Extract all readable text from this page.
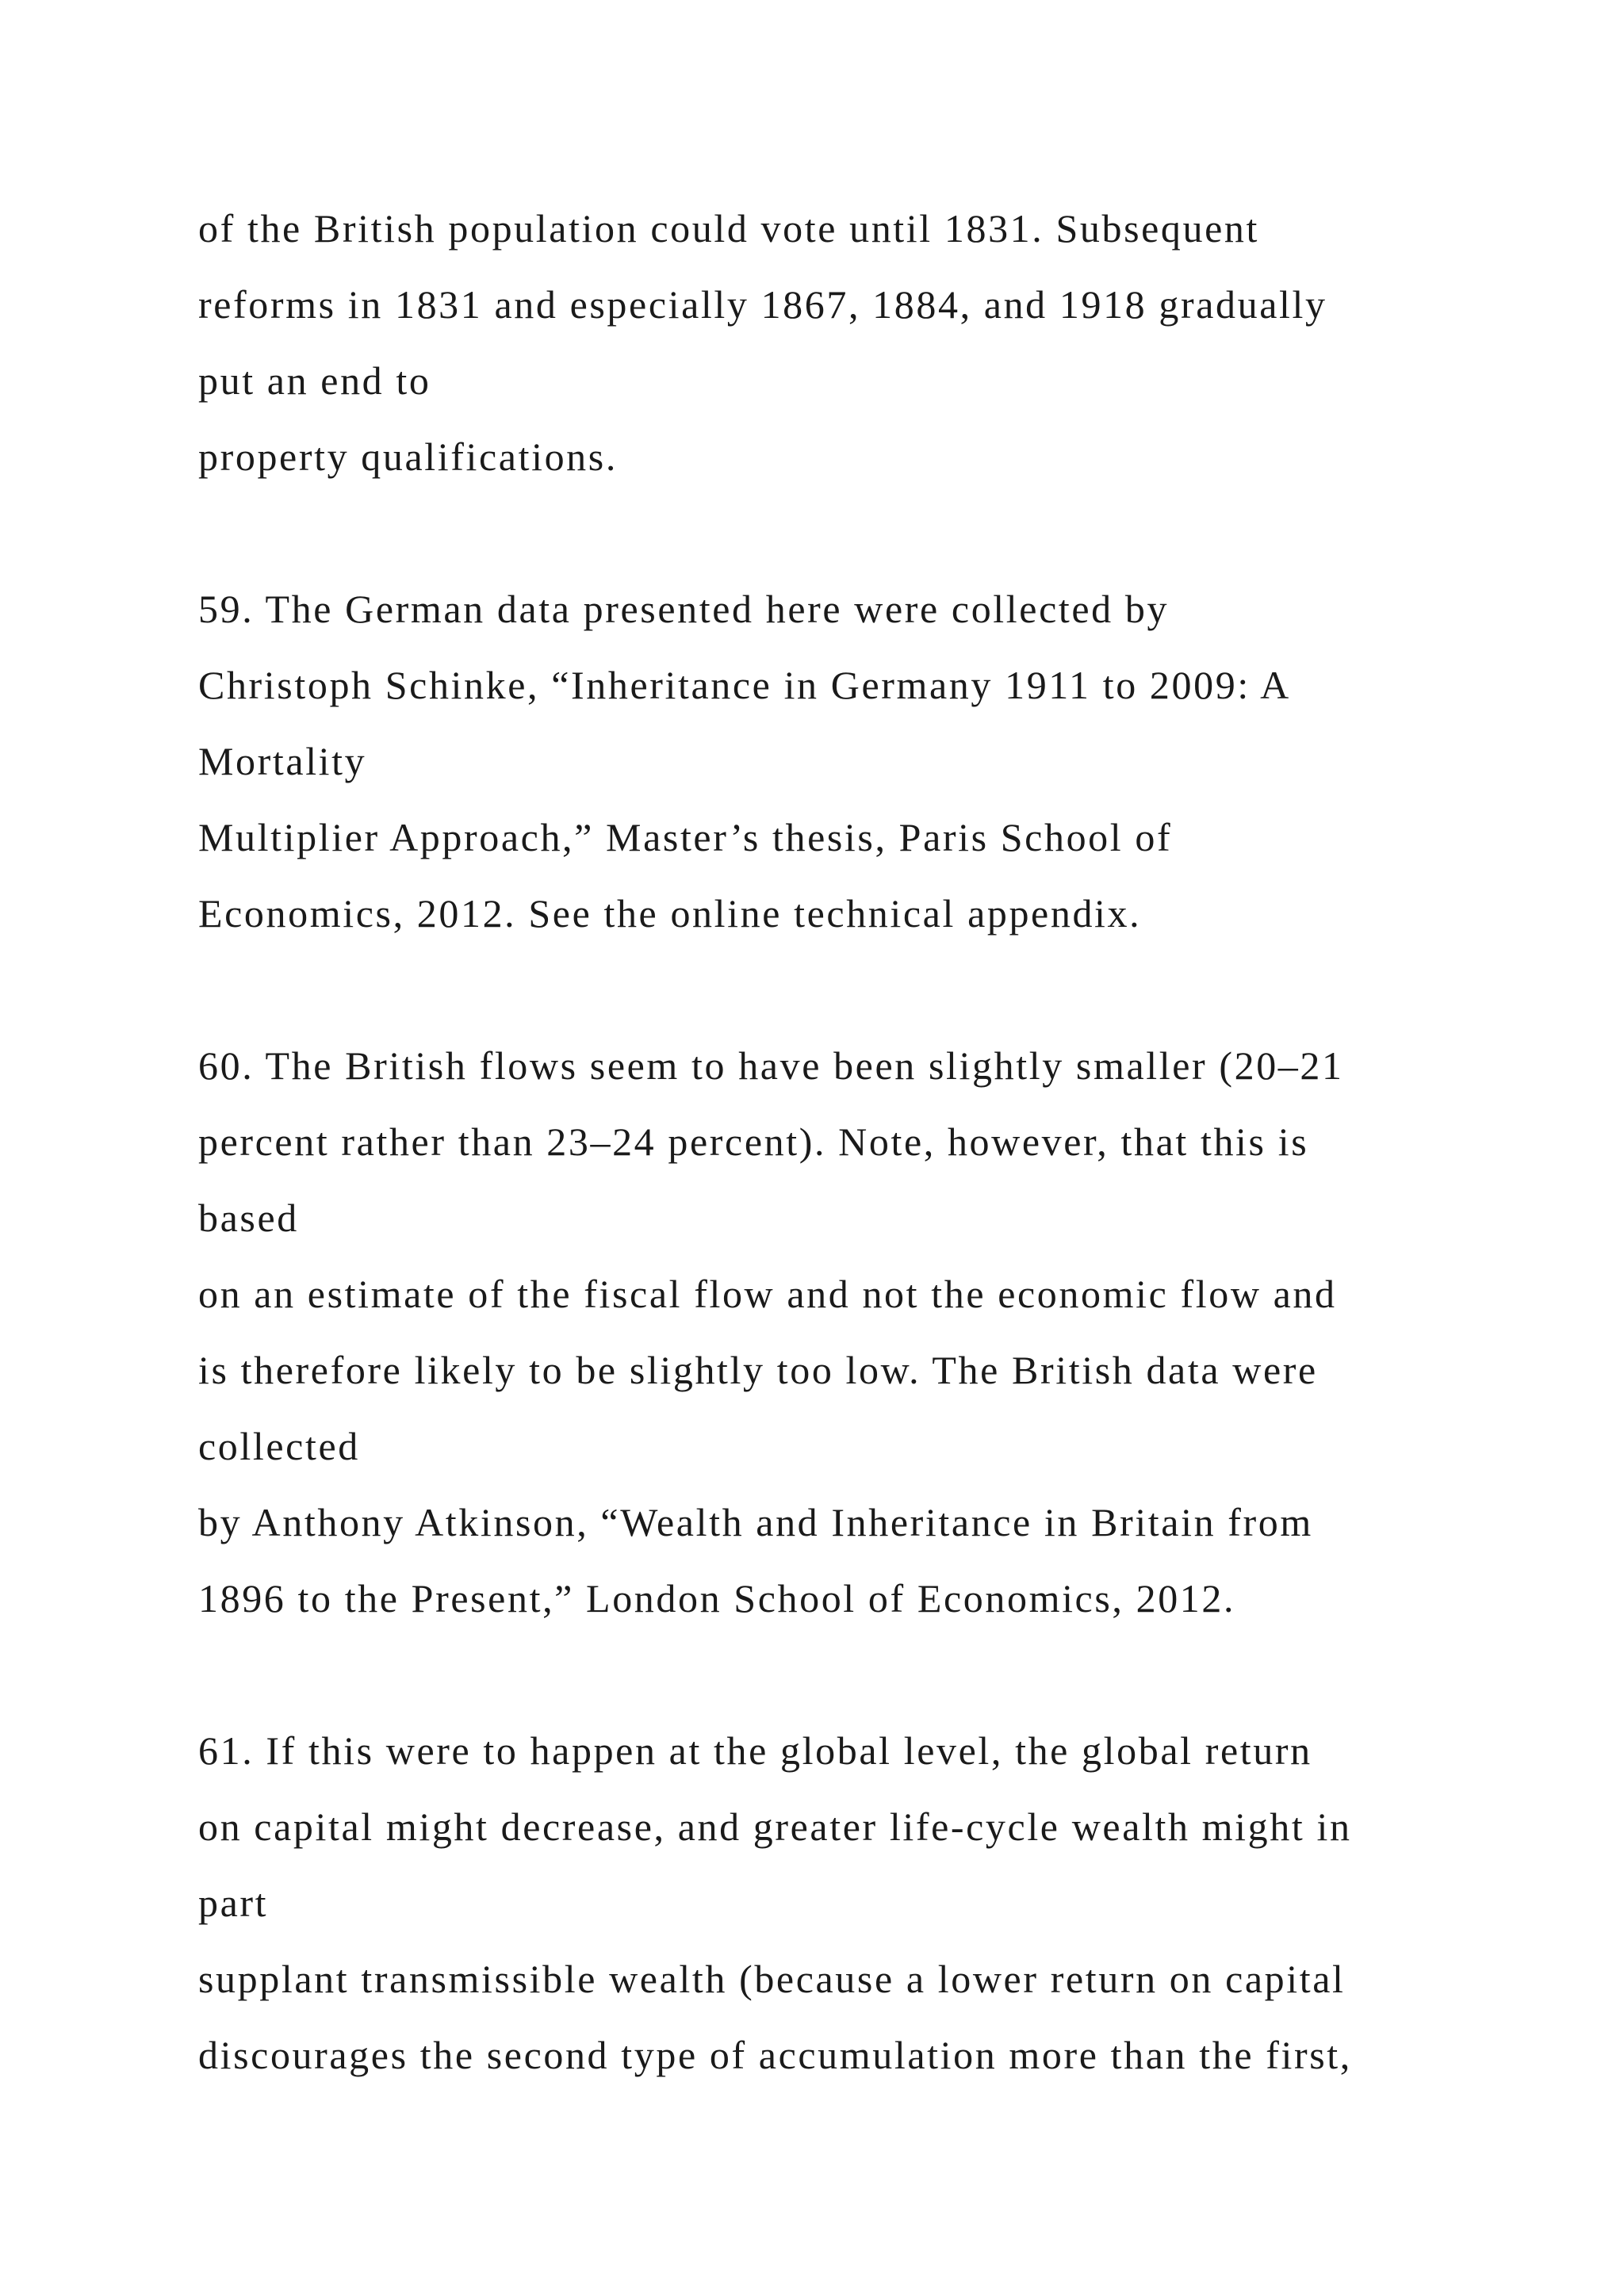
of the British population could vote until 1831. Subsequent
reforms in 1831 and especially 1867, 1884, and 1918 gradually
put an end to
property qualifications.
59. The German data presented here were collected by
Christoph Schinke, “Inheritance in Germany 1911 to 2009: A
Mortality
Multiplier Approach,” Master’s thesis, Paris School of
Economics, 2012. See the online technical appendix.
60. The British flows seem to have been slightly smaller (20–21
percent rather than 23–24 percent). Note, however, that this is
based
on an estimate of the fiscal flow and not the economic flow and
is therefore likely to be slightly too low. The British data were
collected
by Anthony Atkinson, “Wealth and Inheritance in Britain from
1896 to the Present,” London School of Economics, 2012.
61. If this were to happen at the global level, the global return
on capital might decrease, and greater life-cycle wealth might in
part
supplant transmissible wealth (because a lower return on capital
discourages the second type of accumulation more than the first,
